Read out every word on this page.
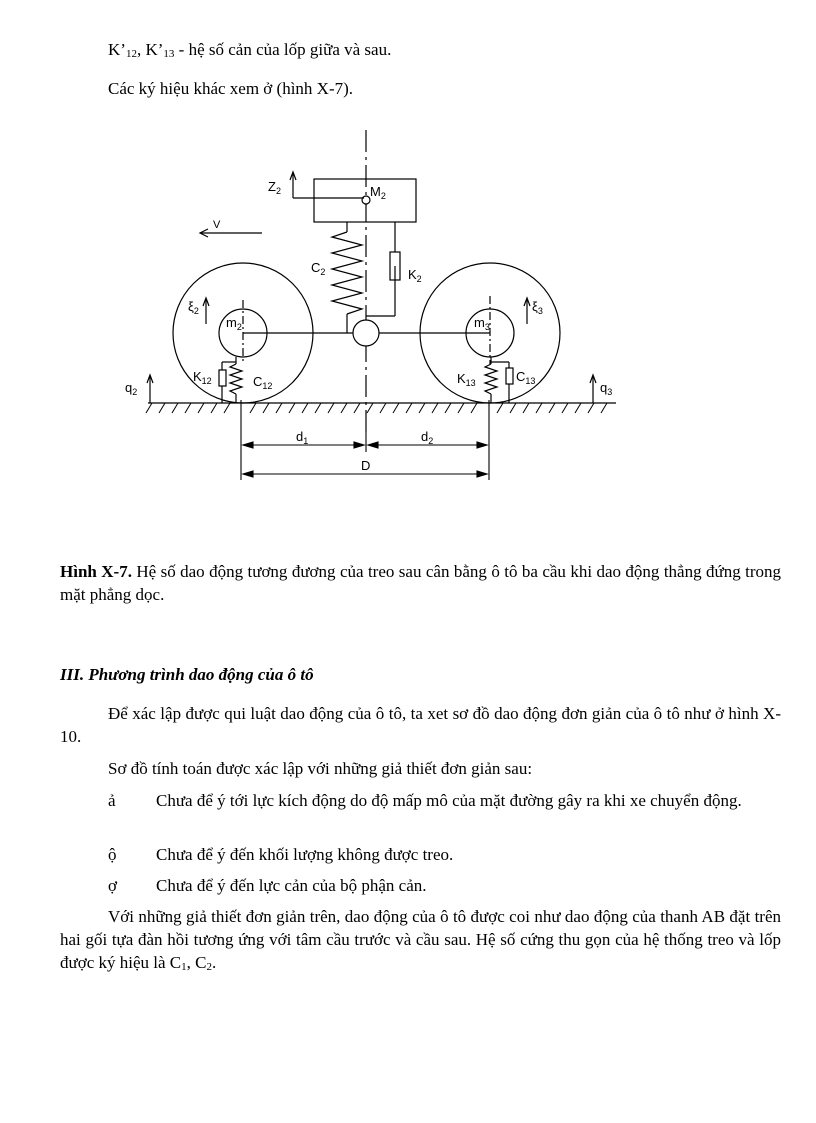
$K’_{12}$, $K’_{13}$ - hệ số cản của lốp giữa và sau.
Các ký hiệu khác xem ở (hình X-7).
$Z_2$	$M_2$
V
$C_2$	$K_2$
$\xi_2$
$m_2$	$m_3$
$\xi_3$
$K_{12}$	$C_{12}$	$K_{13}$	$C_{13}$
$q_2$	$q_3$
$d_1$	$d_2$
D
Hình X-7. Hệ số dao động tương đương của treo sau cân bằng ô tô ba cầu khi dao động thẳng đứng trong mặt phẳng dọc.
III. Phương trình dao động của ô tô
Để xác lập được qui luật dao động của ô tô, ta xet sơ đồ dao động đơn giản của ô tô như ở hình X-10.
Sơ đồ tính toán được xác lập với những giả thiết đơn giản sau:
ả	Chưa để ý tới lực kích động do độ mấp mô của mặt đường gây ra khi xe chuyển động.
ộ	Chưa để ý đến khối lượng không được treo.
ợ	Chưa để ý đến lực cản của bộ phận cản.
Với những giả thiết đơn giản trên, dao động của ô tô được coi như dao động của thanh AB đặt trên hai gối tựa đàn hồi tương ứng với tâm cầu trước và cầu sau. Hệ số cứng thu gọn của hệ thống treo và lốp được ký hiệu là $C_1$, $C_2$.
